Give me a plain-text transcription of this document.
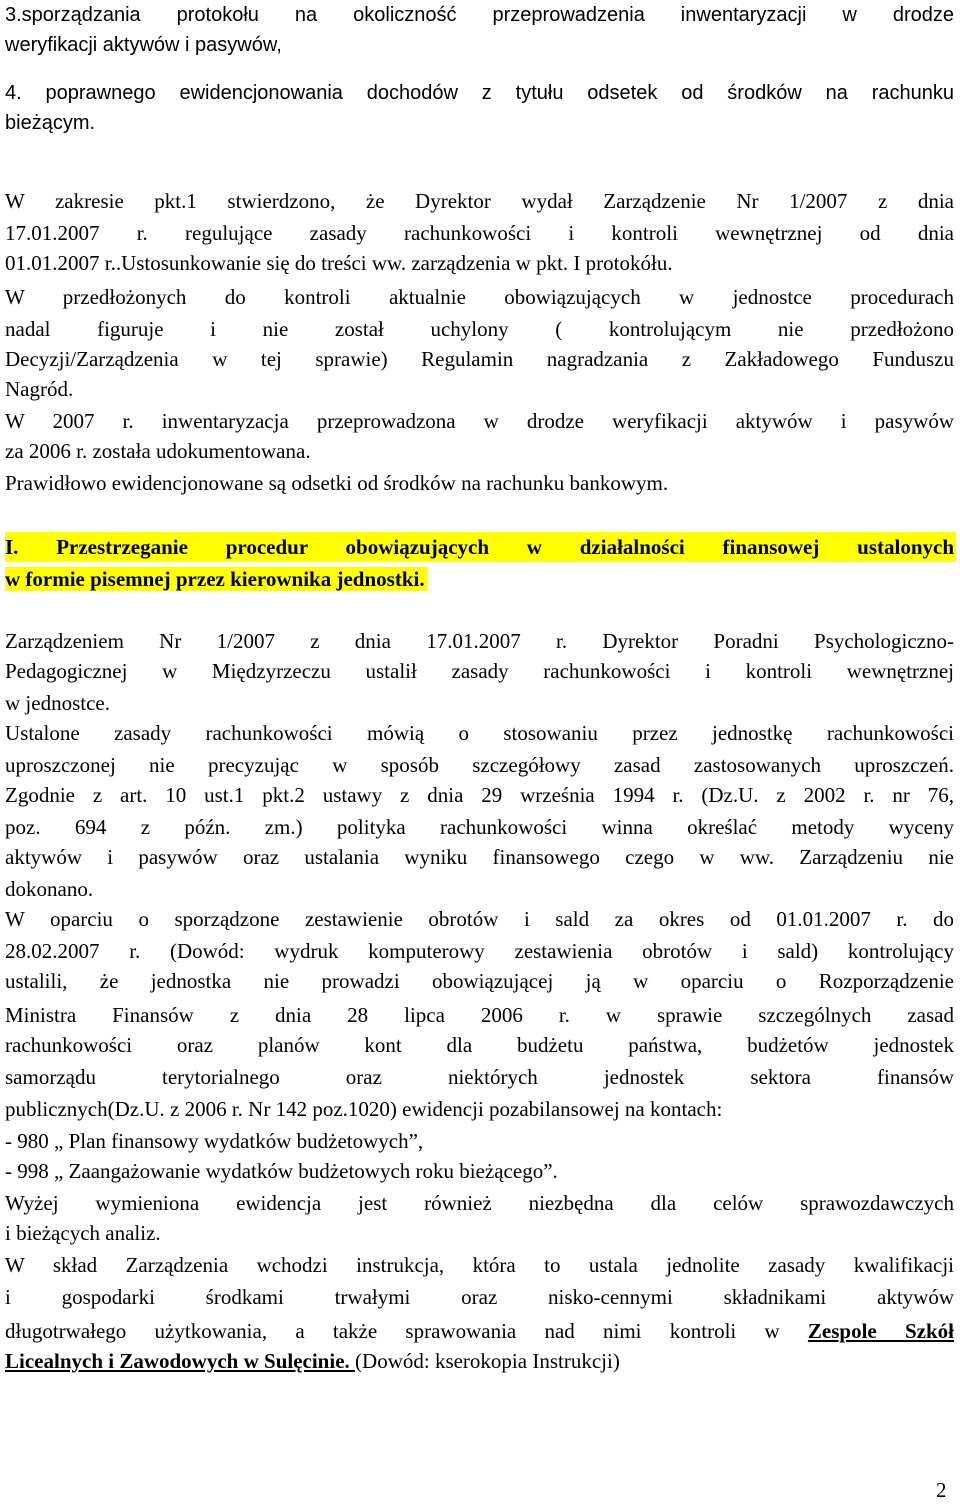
3.sporządzania protokołu na okoliczność przeprowadzenia inwentaryzacji w drodze
weryfikacji aktywów i pasywów,
4. poprawnego ewidencjonowania dochodów z tytułu odsetek od środków na rachunku
bieżącym.
W zakresie pkt.1 stwierdzono, że Dyrektor wydał Zarządzenie Nr 1/2007 z dnia
17.01.2007 r. regulujące zasady rachunkowości i kontroli wewnętrznej od dnia
01.01.2007 r..Ustosunkowanie się do treści ww. zarządzenia w pkt. I protokółu.
W przedłożonych do kontroli aktualnie obowiązujących w jednostce procedurach
nadal figuruje i nie został uchylony ( kontrolującym nie przedłożono
Decyzji/Zarządzenia w tej sprawie) Regulamin nagradzania z Zakładowego Funduszu
Nagród.
W 2007 r. inwentaryzacja przeprowadzona w drodze weryfikacji aktywów i pasywów
za 2006 r. została udokumentowana.
Prawidłowo ewidencjonowane są odsetki od środków na rachunku bankowym.
I. Przestrzeganie procedur obowiązujących w działalności finansowej ustalonych
w formie pisemnej przez kierownika jednostki.
Zarządzeniem Nr 1/2007 z dnia 17.01.2007 r. Dyrektor Poradni Psychologiczno-
Pedagogicznej w Międzyrzeczu ustalił zasady rachunkowości i kontroli wewnętrznej
w jednostce.
Ustalone zasady rachunkowości mówią o stosowaniu przez jednostkę rachunkowości
uproszczonej nie precyzując w sposób szczegółowy zasad zastosowanych uproszczeń.
Zgodnie z art. 10 ust.1 pkt.2 ustawy z dnia 29 września 1994 r. (Dz.U. z 2002 r. nr 76,
poz. 694 z późn. zm.) polityka rachunkowości winna określać metody wyceny
aktywów i pasywów oraz ustalania wyniku finansowego czego w ww. Zarządzeniu nie
dokonano.
W oparciu o sporządzone zestawienie obrotów i sald za okres od 01.01.2007 r. do
28.02.2007 r. (Dowód: wydruk komputerowy zestawienia obrotów i sald) kontrolujący
ustalili, że jednostka nie prowadzi obowiązującej ją w oparciu o Rozporządzenie
Ministra Finansów z dnia 28 lipca 2006 r. w sprawie szczególnych zasad
rachunkowości oraz planów kont dla budżetu państwa, budżetów jednostek
samorządu terytorialnego oraz niektórych jednostek sektora finansów
publicznych(Dz.U. z 2006 r. Nr 142 poz.1020) ewidencji pozabilansowej na kontach:
- 980 „ Plan finansowy wydatków budżetowych”,
- 998 „ Zaangażowanie wydatków budżetowych roku bieżącego”.
Wyżej wymieniona ewidencja jest również niezbędna dla celów sprawozdawczych
i bieżących analiz.
W skład Zarządzenia wchodzi instrukcja, która to ustala jednolite zasady kwalifikacji
i gospodarki środkami trwałymi oraz nisko-cennymi składnikami aktywów
długotrwałego użytkowania, a także sprawowania nad nimi kontroli w Zespole Szkół
Licealnych i Zawodowych w Sulęcinie. (Dowód: kserokopia Instrukcji)
2
